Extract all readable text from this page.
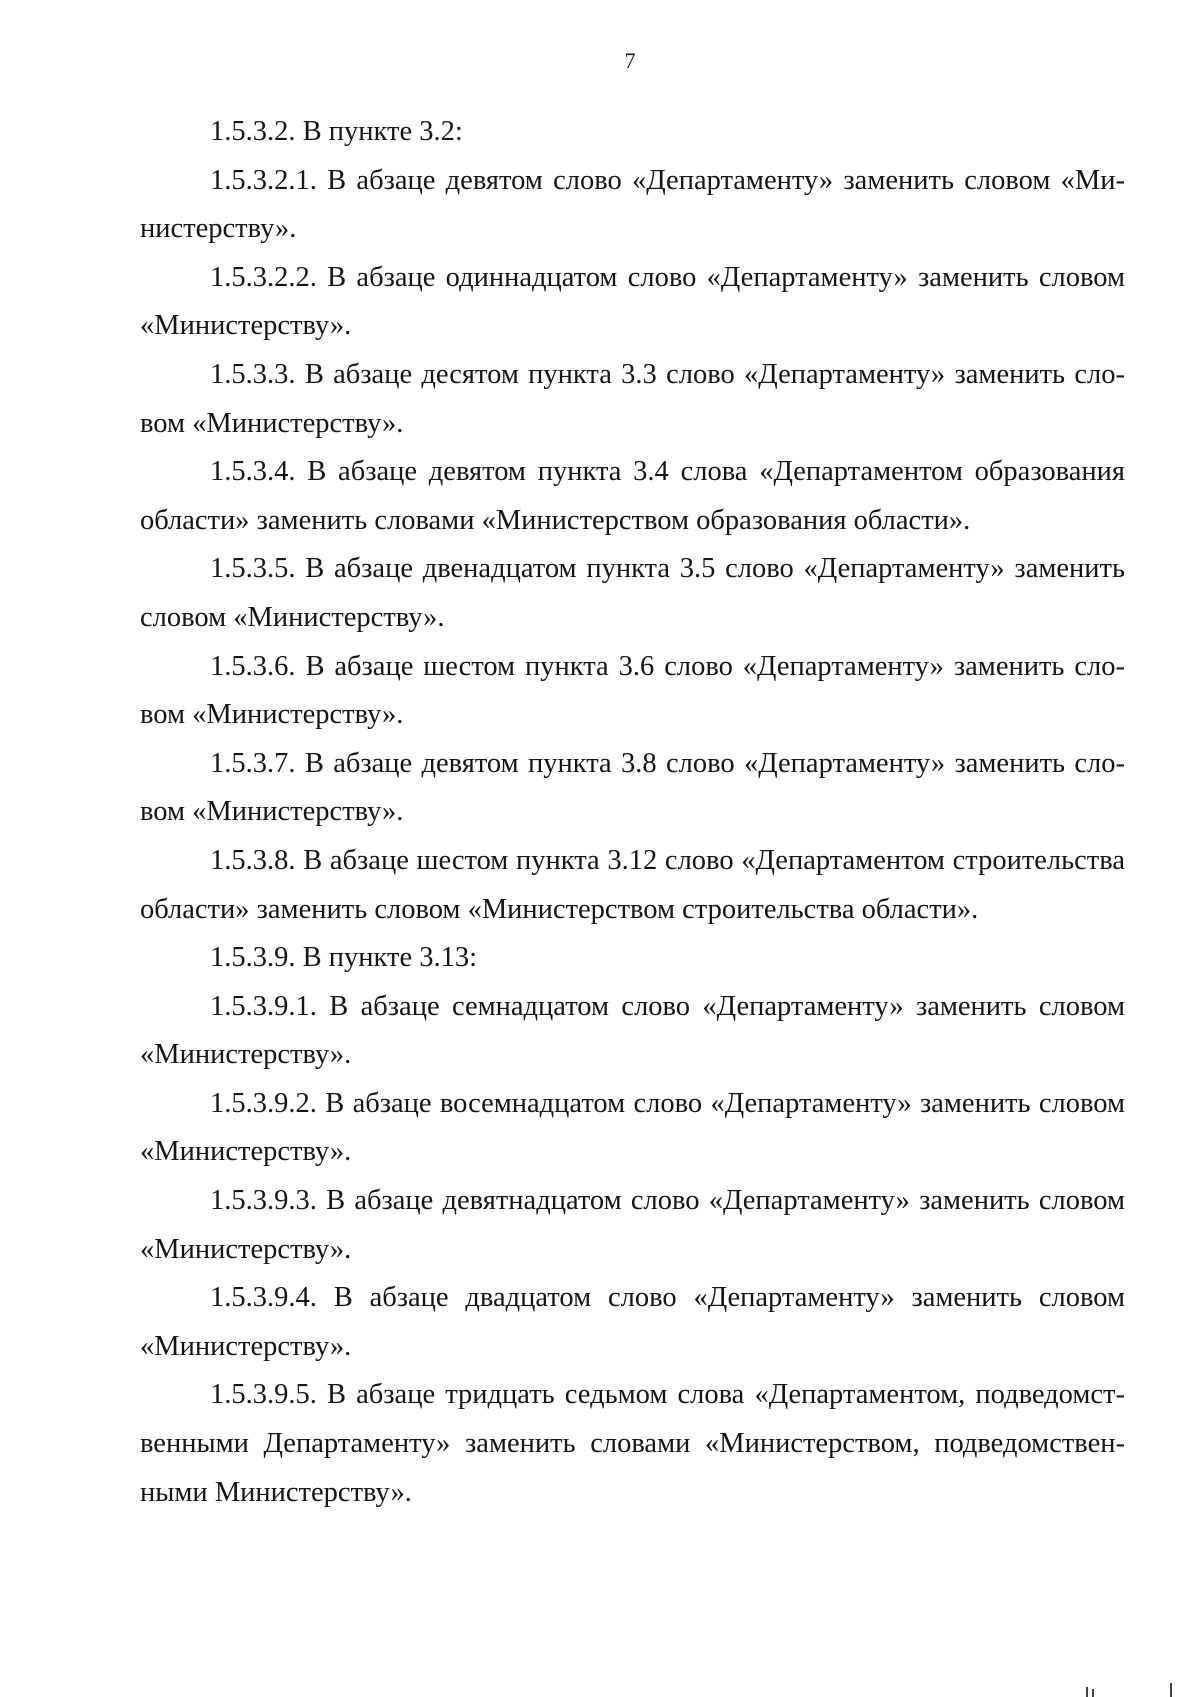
7

1.5.3.2. В пункте 3.2:

1.5.3.2.1. В абзаце девятом слово «Департаменту» заменить словом «Министерству».

1.5.3.2.2. В абзаце одиннадцатом слово «Департаменту» заменить словом «Министерству».

1.5.3.3. В абзаце десятом пункта 3.3 слово «Департаменту» заменить словом «Министерству».

1.5.3.4. В абзаце девятом пункта 3.4 слова «Департаментом образования области» заменить словами «Министерством образования области».

1.5.3.5. В абзаце двенадцатом пункта 3.5 слово «Департаменту» заменить словом «Министерству».

1.5.3.6. В абзаце шестом пункта 3.6 слово «Департаменту» заменить словом «Министерству».

1.5.3.7. В абзаце девятом пункта 3.8 слово «Департаменту» заменить словом «Министерству».

1.5.3.8. В абзаце шестом пункта 3.12 слово «Департаментом строительства области» заменить словом «Министерством строительства области».

1.5.3.9. В пункте 3.13:

1.5.3.9.1. В абзаце семнадцатом слово «Департаменту» заменить словом «Министерству».

1.5.3.9.2. В абзаце восемнадцатом слово «Департаменту» заменить словом «Министерству».

1.5.3.9.3. В абзаце девятнадцатом слово «Департаменту» заменить словом «Министерству».

1.5.3.9.4. В абзаце двадцатом слово «Департаменту» заменить словом «Министерству».

1.5.3.9.5. В абзаце тридцать седьмом слова «Департаментом, подведомственными Департаменту» заменить словами «Министерством, подведомственными Министерству».
